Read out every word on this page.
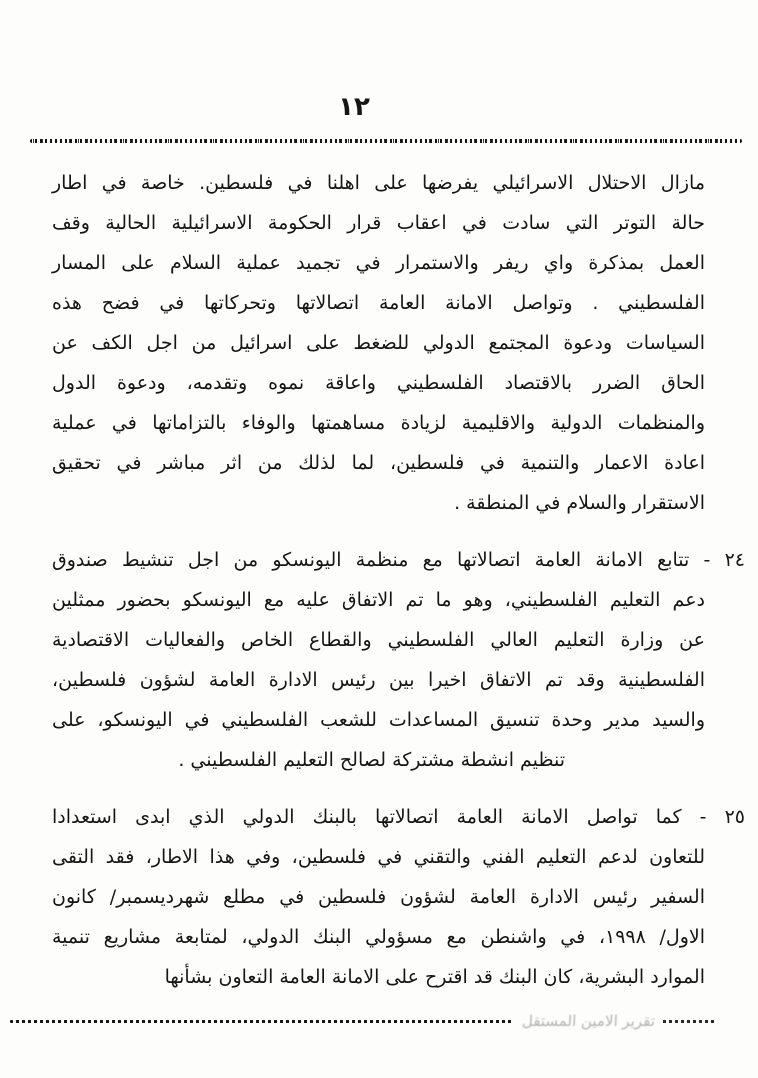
١٢
مازال الاحتلال الاسرائيلي يفرضها على اهلنا في فلسطين. خاصة في اطار
حالة التوتر التي سادت في اعقاب قرار الحكومة الاسرائيلية الحالية وقف
العمل بمذكرة واي ريفر والاستمرار في تجميد عملية السلام على المسار
الفلسطيني . وتواصل الامانة العامة اتصالاتها وتحركاتها في فضح هذه
السياسات ودعوة المجتمع الدولي للضغط على اسرائيل من اجل الكف عن
الحاق الضرر بالاقتصاد الفلسطيني واعاقة نموه وتقدمه، ودعوة الدول
والمنظمات الدولية والاقليمية لزيادة مساهمتها والوفاء بالتزاماتها في عملية
اعادة الاعمار والتنمية في فلسطين، لما لذلك من اثر مباشر في تحقيق
الاستقرار والسلام في المنطقة .
٢٤ - تتابع الامانة العامة اتصالاتها مع منظمة اليونسكو من اجل تنشيط صندوق
دعم التعليم الفلسطيني، وهو ما تم الاتفاق عليه مع اليونسكو بحضور ممثلين
عن وزارة التعليم العالي الفلسطيني والقطاع الخاص والفعاليات الاقتصادية
الفلسطينية وقد تم الاتفاق اخيرا بين رئيس الادارة العامة لشؤون فلسطين،
والسيد مدير وحدة تنسيق المساعدات للشعب الفلسطيني في اليونسكو، على
تنظيم انشطة مشتركة لصالح التعليم الفلسطيني .
٢٥ - كما تواصل الامانة العامة اتصالاتها بالبنك الدولي الذي ابدى استعدادا
للتعاون لدعم التعليم الفني والتقني في فلسطين، وفي هذا الاطار، فقد التقى
السفير رئيس الادارة العامة لشؤون فلسطين في مطلع شهرديسمبر/ كانون
الاول/ ١٩٩٨، في واشنطن مع مسؤولي البنك الدولي، لمتابعة مشاريع تنمية
الموارد البشرية، كان البنك قد اقترح على الامانة العامة التعاون بشأنها
تقرير الامين المستقل
